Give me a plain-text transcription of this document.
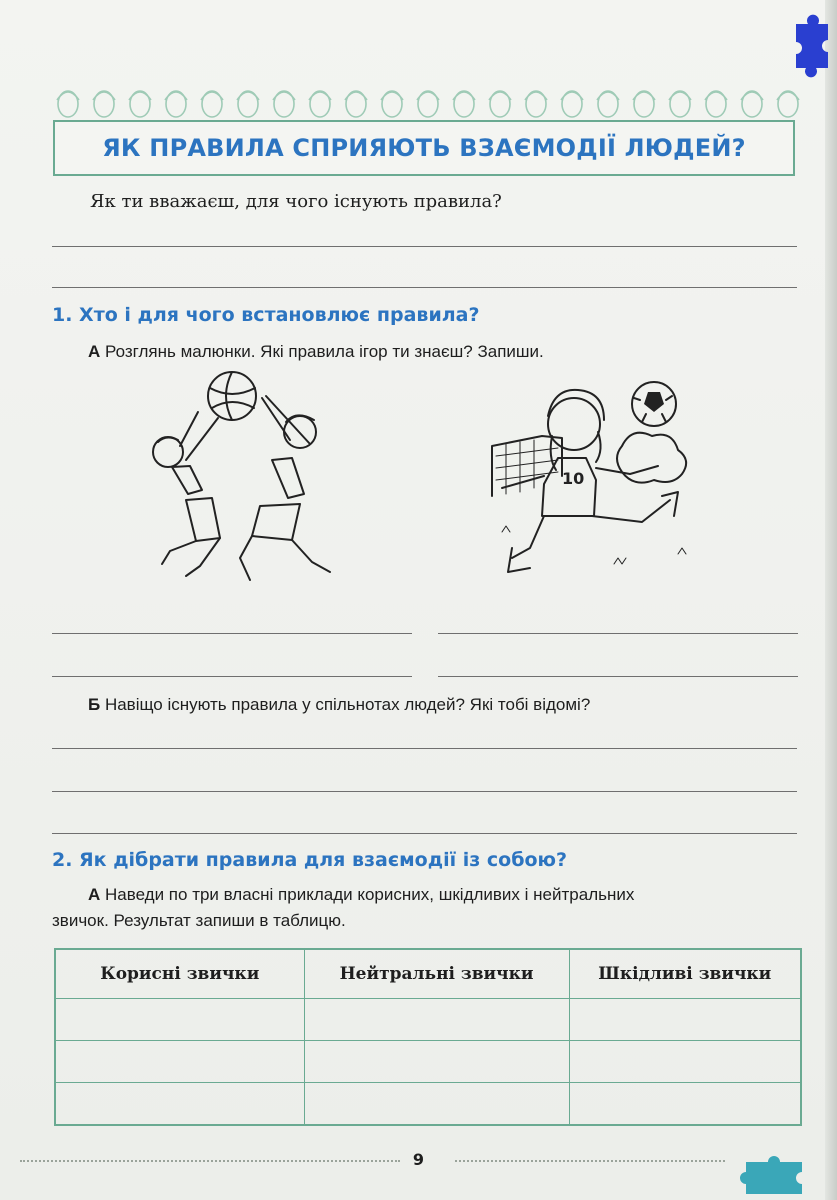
ЯК ПРАВИЛА СПРИЯЮТЬ ВЗАЄМОДІЇ ЛЮДЕЙ?
Як ти вважаєш, для чого існують правила?
1. Хто і для чого встановлює правила?
А Розглянь малюнки. Які правила ігор ти знаєш? Запиши.
10
Б Навіщо існують правила у спільнотах людей? Які тобі відомі?
2. Як дібрати правила для взаємодії із собою?
А Наведи по три власні приклади корисних, шкідливих і нейтральних
звичок. Результат запиши в таблицю.
Корисні звички	Нейтральні звички	Шкідливі звички

9
